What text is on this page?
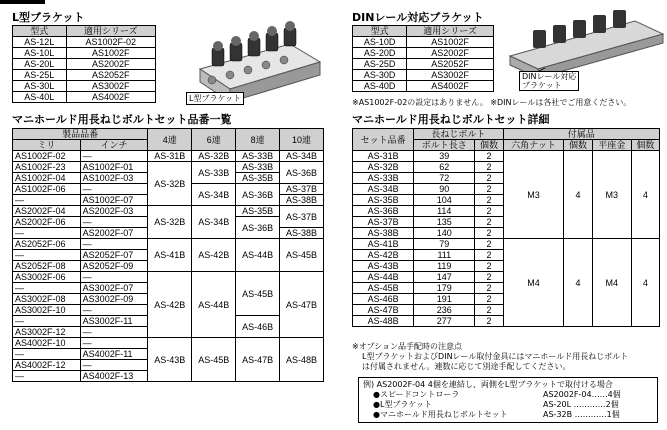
L型ブラケット
型式	適用シリーズ
AS-12L	AS1002F-02
AS-10L	AS1002F
AS-20L	AS2002F
AS-25L	AS2052F
AS-30L	AS3002F
AS-40L	AS4002F	L型ブラケット
DINレール対応ブラケット
型式	適用シリーズ
AS-10D	AS1002F
AS-20D	AS2002F
AS-25D	AS2052F
AS-30D	AS3002F
AS-40D	AS4002F
DINレール対応
ブラケット
※AS1002F-02の設定はありません。 ※DINレールは各社でご用意ください。
マニホールド用長ねじボルトセット品番一覧
製品品番		4連	6連	8連	10連
ミリ	インチ				
AS1002F-02	—	AS-31B	AS-32B	AS-33B	AS-34B
AS1002F-23	AS1002F-01	AS-32B	AS-33B	AS-33B	AS-36B
AS1002F-04	AS1002F-03			AS-35B	
AS1002F-06	—		AS-34B	AS-36B	AS-37B
—	AS1002F-07				AS-38B
AS2002F-04	AS2002F-03	AS-32B	AS-34B	AS-35B	AS-37B
AS2002F-06	—			AS-36B	
—	AS2002F-07				AS-38B
AS2052F-06	—	AS-41B	AS-42B	AS-44B	AS-45B
—	AS2052F-07				
AS2052F-08	AS2052F-09				
AS3002F-06	—	AS-42B	AS-44B	AS-45B	AS-47B
—	AS3002F-07				
AS3002F-08	AS3002F-09				
AS3002F-10	—				
—	AS3002F-11			AS-46B	
AS3002F-12	—				
AS4002F-10	—	AS-43B	AS-45B	AS-47B	AS-48B
—	AS4002F-11				
AS4002F-12	—				
—	AS4002F-13				
マニホールド用長ねじボルトセット詳細
セット品番	長ねじボルト		付属品			
	ボルト長さ	個数	六角ナット	個数	平座金	個数
AS-31B	39	2	M3	4	M3	4
AS-32B	62	2				
AS-33B	72	2				
AS-34B	90	2				
AS-35B	104	2				
AS-36B	114	2				
AS-37B	135	2				
AS-38B	140	2				
AS-41B	79	2	M4	4	M4	4
AS-42B	111	2				
AS-43B	119	2				
AS-44B	147	2				
AS-45B	179	2				
AS-46B	191	2				
AS-47B	236	2				
AS-48B	277	2				
※オプション品手配時の注意点
L型ブラケットおよびDINレール取付金具にはマニホールド用長ねじボルト
は付属されません。連数に応じて別途手配してください。
例) AS2002F-04 4個を連結し、両側をL型ブラケットで取付ける場合
●スピードコントローラ	AS2002F-04……4個
●L型ブラケット	AS-20L …………2個
●マニホールド用長ねじボルトセット	AS-32B …………1個
